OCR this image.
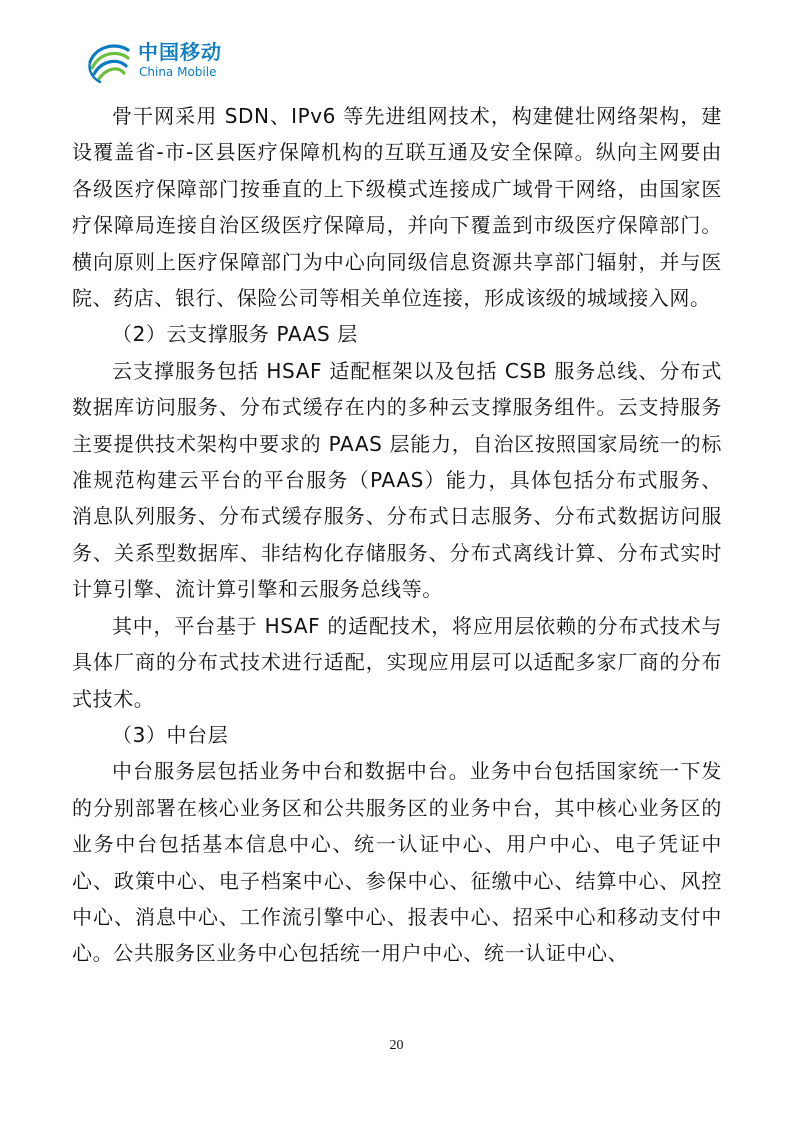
中国移动
China Mobile

骨干网采用 SDN、IPv6 等先进组网技术，构建健壮网络架构，建设覆盖省-市-区县医疗保障机构的互联互通及安全保障。纵向主网要由各级医疗保障部门按垂直的上下级模式连接成广域骨干网络，由国家医疗保障局连接自治区级医疗保障局，并向下覆盖到市级医疗保障部门。横向原则上医疗保障部门为中心向同级信息资源共享部门辐射，并与医院、药店、银行、保险公司等相关单位连接，形成该级的城域接入网。

（2）云支撑服务 PAAS 层

云支撑服务包括 HSAF 适配框架以及包括 CSB 服务总线、分布式数据库访问服务、分布式缓存在内的多种云支撑服务组件。云支持服务主要提供技术架构中要求的 PAAS 层能力，自治区按照国家局统一的标准规范构建云平台的平台服务（PAAS）能力，具体包括分布式服务、消息队列服务、分布式缓存服务、分布式日志服务、分布式数据访问服务、关系型数据库、非结构化存储服务、分布式离线计算、分布式实时计算引擎、流计算引擎和云服务总线等。

其中，平台基于 HSAF 的适配技术，将应用层依赖的分布式技术与具体厂商的分布式技术进行适配，实现应用层可以适配多家厂商的分布式技术。

（3）中台层

中台服务层包括业务中台和数据中台。业务中台包括国家统一下发的分别部署在核心业务区和公共服务区的业务中台，其中核心业务区的业务中台包括基本信息中心、统一认证中心、用户中心、电子凭证中心、政策中心、电子档案中心、参保中心、征缴中心、结算中心、风控中心、消息中心、工作流引擎中心、报表中心、招采中心和移动支付中心。公共服务区业务中心包括统一用户中心、统一认证中心、

20
